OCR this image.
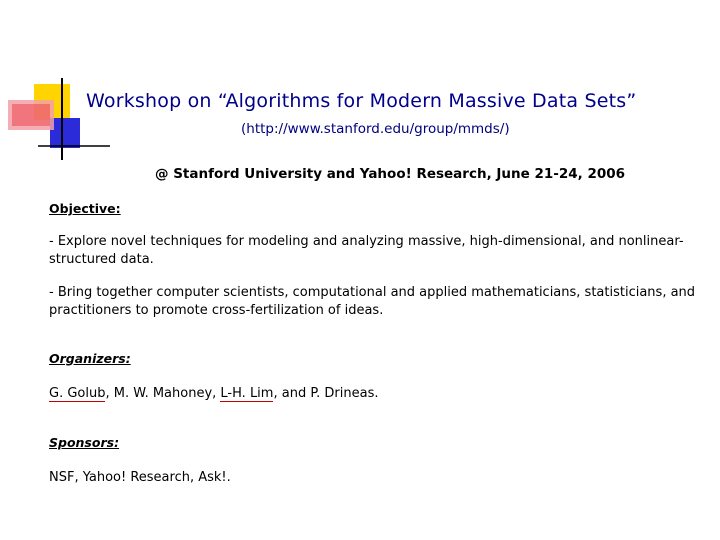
Workshop on “Algorithms for Modern Massive Data Sets”
(http://www.stanford.edu/group/mmds/)
@ Stanford University and Yahoo! Research, June 21-24, 2006
Objective:
- Explore novel techniques for modeling and analyzing massive, high-dimensional, and nonlinear-structured data.
- Bring together computer scientists, computational and applied mathematicians, statisticians, and practitioners to promote cross-fertilization of ideas.
Organizers:
G. Golub, M. W. Mahoney, L-H. Lim, and P. Drineas.
Sponsors:
NSF, Yahoo! Research, Ask!.
